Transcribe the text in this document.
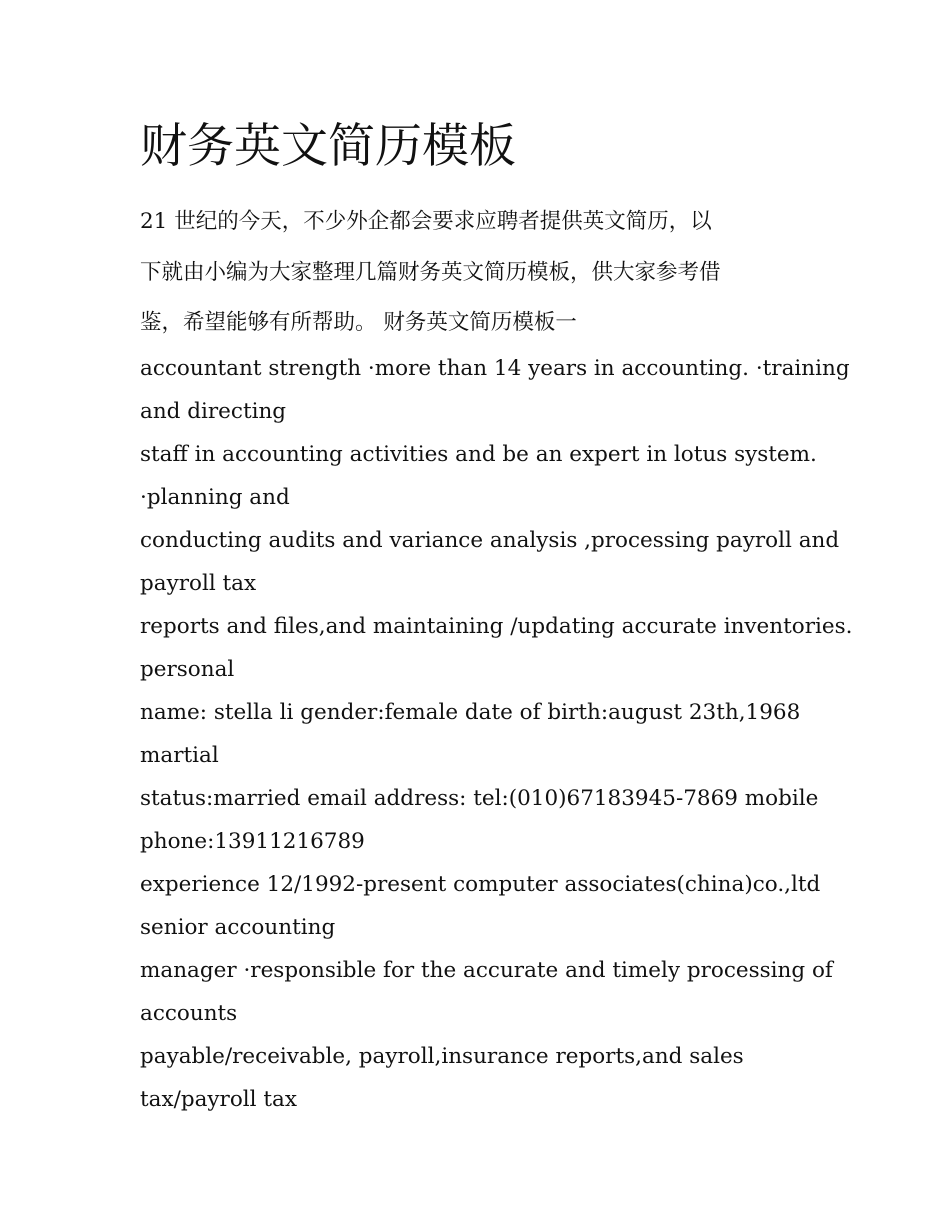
财务英文简历模板
21 世纪的今天，不少外企都会要求应聘者提供英文简历，以
下就由小编为大家整理几篇财务英文简历模板，供大家参考借
鉴，希望能够有所帮助。 财务英文简历模板一
accountant strength ·more than 14 years in accounting. ·training
and directing
staff in accounting activities and be an expert in lotus system.
·planning and
conducting audits and variance analysis ,processing payroll and
payroll tax
reports and files,and maintaining /updating accurate inventories.
personal
name: stella li gender:female date of birth:august 23th,1968
martial
status:married email address: tel:(010)67183945-7869 mobile
phone:13911216789
experience 12/1992-present computer associates(china)co.,ltd
senior accounting
manager ·responsible for the accurate and timely processing of
accounts
payable/receivable, payroll,insurance reports,and sales
tax/payroll tax
